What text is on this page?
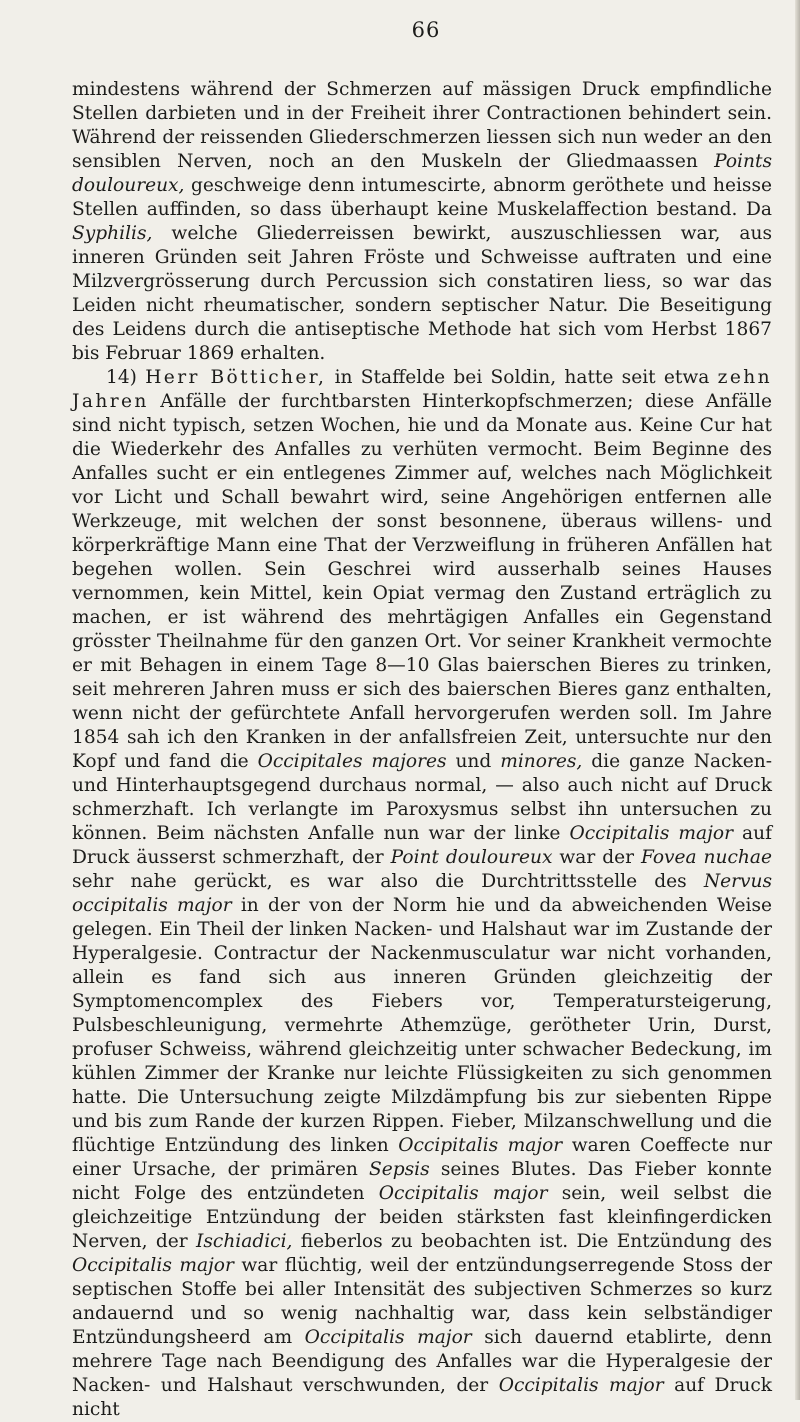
66

mindestens während der Schmerzen auf mässigen Druck empfindliche Stellen darbieten und in der Freiheit ihrer Contractionen behindert sein. Während der reissenden Gliederschmerzen liessen sich nun weder an den sensiblen Nerven, noch an den Muskeln der Gliedmaassen Points douloureux, geschweige denn intumescirte, abnorm geröthete und heisse Stellen auffinden, so dass überhaupt keine Muskelaffection bestand. Da Syphilis, welche Gliederreissen bewirkt, auszuschliessen war, aus inneren Gründen seit Jahren Fröste und Schweisse auftraten und eine Milzvergrösserung durch Percussion sich constatiren liess, so war das Leiden nicht rheumatischer, sondern septischer Natur. Die Beseitigung des Leidens durch die antiseptische Methode hat sich vom Herbst 1867 bis Februar 1869 erhalten.

14) Herr Bötticher, in Staffelde bei Soldin, hatte seit etwa zehn Jahren Anfälle der furchtbarsten Hinterkopfschmerzen; diese Anfälle sind nicht typisch, setzen Wochen, hie und da Monate aus. Keine Cur hat die Wiederkehr des Anfalles zu verhüten vermocht. Beim Beginne des Anfalles sucht er ein entlegenes Zimmer auf, welches nach Möglichkeit vor Licht und Schall bewahrt wird, seine Angehörigen entfernen alle Werkzeuge, mit welchen der sonst besonnene, überaus willens- und körperkräftige Mann eine That der Verzweiflung in früheren Anfällen hat begehen wollen. Sein Geschrei wird ausserhalb seines Hauses vernommen, kein Mittel, kein Opiat vermag den Zustand erträglich zu machen, er ist während des mehrtägigen Anfalles ein Gegenstand grösster Theilnahme für den ganzen Ort. Vor seiner Krankheit vermochte er mit Behagen in einem Tage 8—10 Glas baierschen Bieres zu trinken, seit mehreren Jahren muss er sich des baierschen Bieres ganz enthalten, wenn nicht der gefürchtete Anfall hervorgerufen werden soll. Im Jahre 1854 sah ich den Kranken in der anfallsfreien Zeit, untersuchte nur den Kopf und fand die Occipitales majores und minores, die ganze Nacken- und Hinterhauptsgegend durchaus normal, — also auch nicht auf Druck schmerzhaft. Ich verlangte im Paroxysmus selbst ihn untersuchen zu können. Beim nächsten Anfalle nun war der linke Occipitalis major auf Druck äusserst schmerzhaft, der Point douloureux war der Fovea nuchae sehr nahe gerückt, es war also die Durchtrittsstelle des Nervus occipitalis major in der von der Norm hie und da abweichenden Weise gelegen. Ein Theil der linken Nacken- und Halshaut war im Zustande der Hyperalgesie. Contractur der Nackenmusculatur war nicht vorhanden, allein es fand sich aus inneren Gründen gleichzeitig der Symptomencomplex des Fiebers vor, Temperatursteigerung, Pulsbeschleunigung, vermehrte Athemzüge, gerötheter Urin, Durst, profuser Schweiss, während gleichzeitig unter schwacher Bedeckung, im kühlen Zimmer der Kranke nur leichte Flüssigkeiten zu sich genommen hatte. Die Untersuchung zeigte Milzdämpfung bis zur siebenten Rippe und bis zum Rande der kurzen Rippen. Fieber, Milzanschwellung und die flüchtige Entzündung des linken Occipitalis major waren Coeffecte nur einer Ursache, der primären Sepsis seines Blutes. Das Fieber konnte nicht Folge des entzündeten Occipitalis major sein, weil selbst die gleichzeitige Entzündung der beiden stärksten fast kleinfingerdicken Nerven, der Ischiadici, fieberlos zu beobachten ist. Die Entzündung des Occipitalis major war flüchtig, weil der entzündungserregende Stoss der septischen Stoffe bei aller Intensität des subjectiven Schmerzes so kurz andauernd und so wenig nachhaltig war, dass kein selbständiger Entzündungsheerd am Occipitalis major sich dauernd etablirte, denn mehrere Tage nach Beendigung des Anfalles war die Hyperalgesie der Nacken- und Halshaut verschwunden, der Occipitalis major auf Druck nicht
